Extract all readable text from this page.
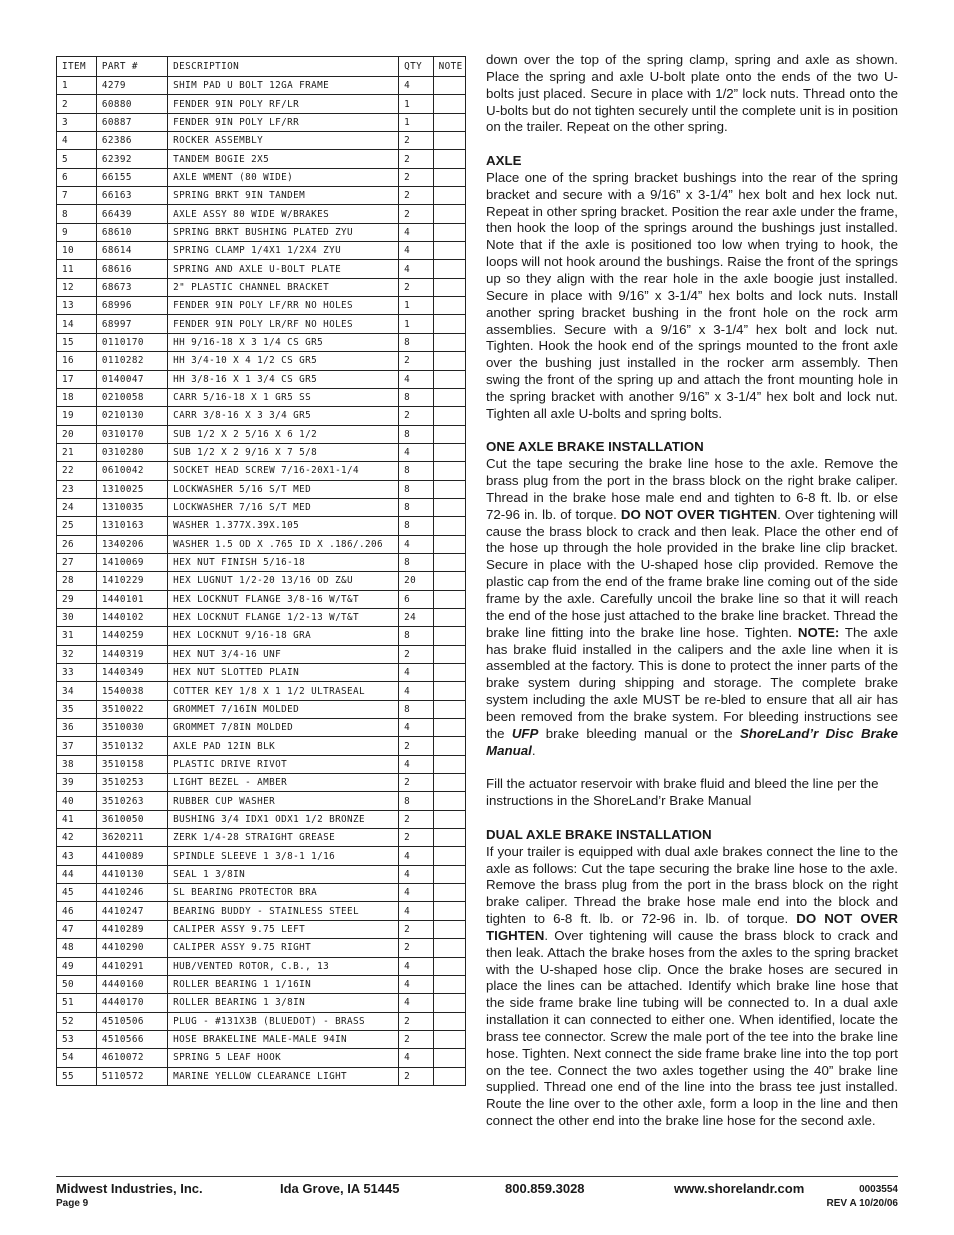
ITEM	PART #	DESCRIPTION	QTY	NOTE
1	4279	SHIM PAD U BOLT 12GA FRAME	4	
2	60880	FENDER 9IN POLY RF/LR	1	
3	60887	FENDER 9IN POLY LF/RR	1	
4	62386	ROCKER ASSEMBLY	2	
5	62392	TANDEM BOGIE 2X5	2	
6	66155	AXLE WMENT (80 WIDE)	2	
7	66163	SPRING BRKT 9IN TANDEM	2	
8	66439	AXLE ASSY 80 WIDE W/BRAKES	2	
9	68610	SPRING BRKT BUSHING PLATED ZYU	4	
10	68614	SPRING CLAMP 1/4X1 1/2X4 ZYU	4	
11	68616	SPRING AND AXLE U-BOLT PLATE	4	
12	68673	2" PLASTIC CHANNEL BRACKET	2	
13	68996	FENDER 9IN POLY LF/RR NO HOLES	1	
14	68997	FENDER 9IN POLY LR/RF NO HOLES	1	
15	0110170	HH 9/16-18 X 3 1/4 CS GR5	8	
16	0110282	HH 3/4-10 X 4 1/2 CS GR5	2	
17	0140047	HH 3/8-16 X 1 3/4 CS GR5	4	
18	0210058	CARR 5/16-18 X 1 GR5 SS	8	
19	0210130	CARR 3/8-16 X 3 3/4 GR5	2	
20	0310170	SUB 1/2 X 2 5/16 X 6 1/2	8	
21	0310280	SUB 1/2 X 2 9/16 X 7 5/8	4	
22	0610042	SOCKET HEAD SCREW 7/16-20X1-1/4	8	
23	1310025	LOCKWASHER 5/16 S/T MED	8	
24	1310035	LOCKWASHER 7/16 S/T MED	8	
25	1310163	WASHER 1.377X.39X.105	8	
26	1340206	WASHER 1.5 OD X .765 ID X .186/.206	4	
27	1410069	HEX NUT FINISH 5/16-18	8	
28	1410229	HEX LUGNUT 1/2-20 13/16 OD Z&U	20	
29	1440101	HEX LOCKNUT FLANGE 3/8-16 W/T&T	6	
30	1440102	HEX LOCKNUT FLANGE 1/2-13 W/T&T	24	
31	1440259	HEX LOCKNUT 9/16-18 GRA	8	
32	1440319	HEX NUT 3/4-16 UNF	2	
33	1440349	HEX NUT SLOTTED PLAIN	4	
34	1540038	COTTER KEY 1/8 X 1 1/2 ULTRASEAL	4	
35	3510022	GROMMET 7/16IN MOLDED	8	
36	3510030	GROMMET 7/8IN MOLDED	4	
37	3510132	AXLE PAD 12IN BLK	2	
38	3510158	PLASTIC DRIVE RIVOT	4	
39	3510253	LIGHT BEZEL - AMBER	2	
40	3510263	RUBBER CUP WASHER	8	
41	3610050	BUSHING 3/4 IDX1 ODX1 1/2 BRONZE	2	
42	3620211	ZERK 1/4-28 STRAIGHT GREASE	2	
43	4410089	SPINDLE SLEEVE 1 3/8-1 1/16	4	
44	4410130	SEAL 1 3/8IN	4	
45	4410246	SL BEARING PROTECTOR BRA	4	
46	4410247	BEARING BUDDY - STAINLESS STEEL	4	
47	4410289	CALIPER ASSY 9.75 LEFT	2	
48	4410290	CALIPER ASSY 9.75 RIGHT	2	
49	4410291	HUB/VENTED ROTOR, C.B., 13	4	
50	4440160	ROLLER BEARING 1 1/16IN	4	
51	4440170	ROLLER BEARING 1 3/8IN	4	
52	4510506	PLUG - #131X3B (BLUEDOT) - BRASS	2	
53	4510566	HOSE BRAKELINE MALE-MALE 94IN	2	
54	4610072	SPRING 5 LEAF HOOK	4	
55	5110572	MARINE YELLOW CLEARANCE LIGHT	2	

down over the top of the spring clamp, spring and axle as shown. Place the spring and axle U-bolt plate onto the ends of the two U-bolts just placed. Secure in place with 1/2” lock nuts. Thread onto the U-bolts but do not tighten securely until the complete unit is in position on the trailer. Repeat on the other spring.

AXLE

Place one of the spring bracket bushings into the rear of the spring bracket and secure with a 9/16” x 3-1/4” hex bolt and hex lock nut. Repeat in other spring bracket. Position the rear axle under the frame, then hook the loop of the springs around the bushings just installed. Note that if the axle is positioned too low when trying to hook, the loops will not hook around the bushings. Raise the front of the springs up so they align with the rear hole in the axle boogie just installed. Secure in place with 9/16” x 3-1/4” hex bolts and lock nuts. Install another spring bracket bushing in the front hole on the rock arm assemblies. Secure with a 9/16” x 3-1/4” hex bolt and lock nut. Tighten. Hook the hook end of the springs mounted to the front axle over the bushing just installed in the rocker arm assembly. Then swing the front of the spring up and attach the front mounting hole in the spring bracket with another 9/16” x 3-1/4” hex bolt and lock nut. Tighten all axle U-bolts and spring bolts.

ONE AXLE BRAKE INSTALLATION

Cut the tape securing the brake line hose to the axle. Remove the brass plug from the port in the brass block on the right brake caliper. Thread in the brake hose male end and tighten to 6-8 ft. lb. or else 72-96 in. lb. of torque. DO NOT OVER TIGHTEN. Over tightening will cause the brass block to crack and then leak. Place the other end of the hose up through the hole provided in the brake line clip bracket. Secure in place with the U-shaped hose clip provided. Remove the plastic cap from the end of the frame brake line coming out of the side frame by the axle. Carefully uncoil the brake line so that it will reach the end of the hose just attached to the brake line bracket. Thread the brake line fitting into the brake line hose. Tighten. NOTE: The axle has brake fluid installed in the calipers and the axle line when it is assembled at the factory. This is done to protect the inner parts of the brake system during shipping and storage. The complete brake system including the axle MUST be re-bled to ensure that all air has been removed from the brake system. For bleeding instructions see the UFP brake bleeding manual or the ShoreLand’r Disc Brake Manual.

Fill the actuator reservoir with brake fluid and bleed the line per the instructions in the ShoreLand’r Brake Manual

DUAL AXLE BRAKE INSTALLATION

If your trailer is equipped with dual axle brakes connect the line to the axle as follows: Cut the tape securing the brake line hose to the axle. Remove the brass plug from the port in the brass block on the right brake caliper. Thread the brake hose male end into the block and tighten to 6-8 ft. lb. or 72-96 in. lb. of torque. DO NOT OVER TIGHTEN. Over tightening will cause the brass block to crack and then leak. Attach the brake hoses from the axles to the spring bracket with the U-shaped hose clip. Once the brake hoses are secured in place the lines can be attached. Identify which brake line hose that the side frame brake line tubing will be connected to. In a dual axle installation it can connected to either one. When identified, locate the brass tee connector. Screw the male port of the tee into the brake line hose. Tighten. Next connect the side frame brake line into the top port on the tee. Connect the two axles together using the 40” brake line supplied. Thread one end of the line into the brass tee just installed. Route the line over to the other axle, form a loop in the line and then connect the other end into the brake line hose for the second axle.

Midwest Industries, Inc.
Page 9
Ida Grove, IA 51445	800.859.3028	www.shorelandr.com	0003554
REV A 10/20/06
